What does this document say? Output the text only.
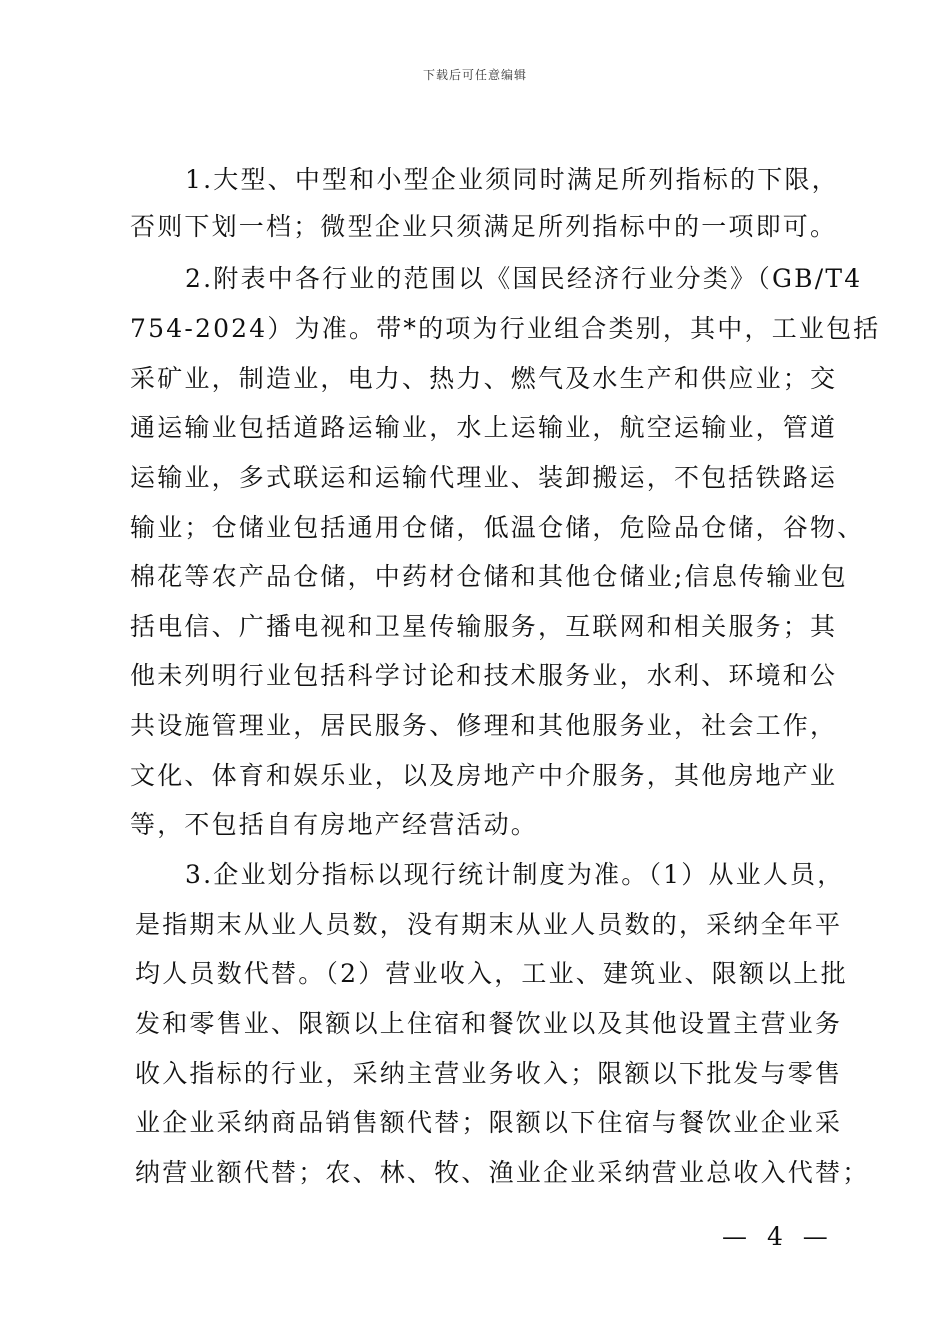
下载后可任意编辑
1.大型、中型和小型企业须同时满足所列指标的下限，
否则下划一档；微型企业只须满足所列指标中的一项即可。
2.附表中各行业的范围以《国民经济行业分类》（GB/T4
754-2024）为准。带*的项为行业组合类别，其中，工业包括
采矿业，制造业，电力、热力、燃气及水生产和供应业；交
通运输业包括道路运输业，水上运输业，航空运输业，管道
运输业，多式联运和运输代理业、装卸搬运，不包括铁路运
输业；仓储业包括通用仓储，低温仓储，危险品仓储，谷物、
棉花等农产品仓储，中药材仓储和其他仓储业;信息传输业包
括电信、广播电视和卫星传输服务，互联网和相关服务；其
他未列明行业包括科学讨论和技术服务业，水利、环境和公
共设施管理业，居民服务、修理和其他服务业，社会工作，
文化、体育和娱乐业，以及房地产中介服务，其他房地产业
等，不包括自有房地产经营活动。
3.企业划分指标以现行统计制度为准。（1）从业人员，
是指期末从业人员数，没有期末从业人员数的，采纳全年平
均人员数代替。（2）营业收入，工业、建筑业、限额以上批
发和零售业、限额以上住宿和餐饮业以及其他设置主营业务
收入指标的行业，采纳主营业务收入；限额以下批发与零售
业企业采纳商品销售额代替；限额以下住宿与餐饮业企业采
纳营业额代替；农、林、牧、渔业企业采纳营业总收入代替；
— 4 —
